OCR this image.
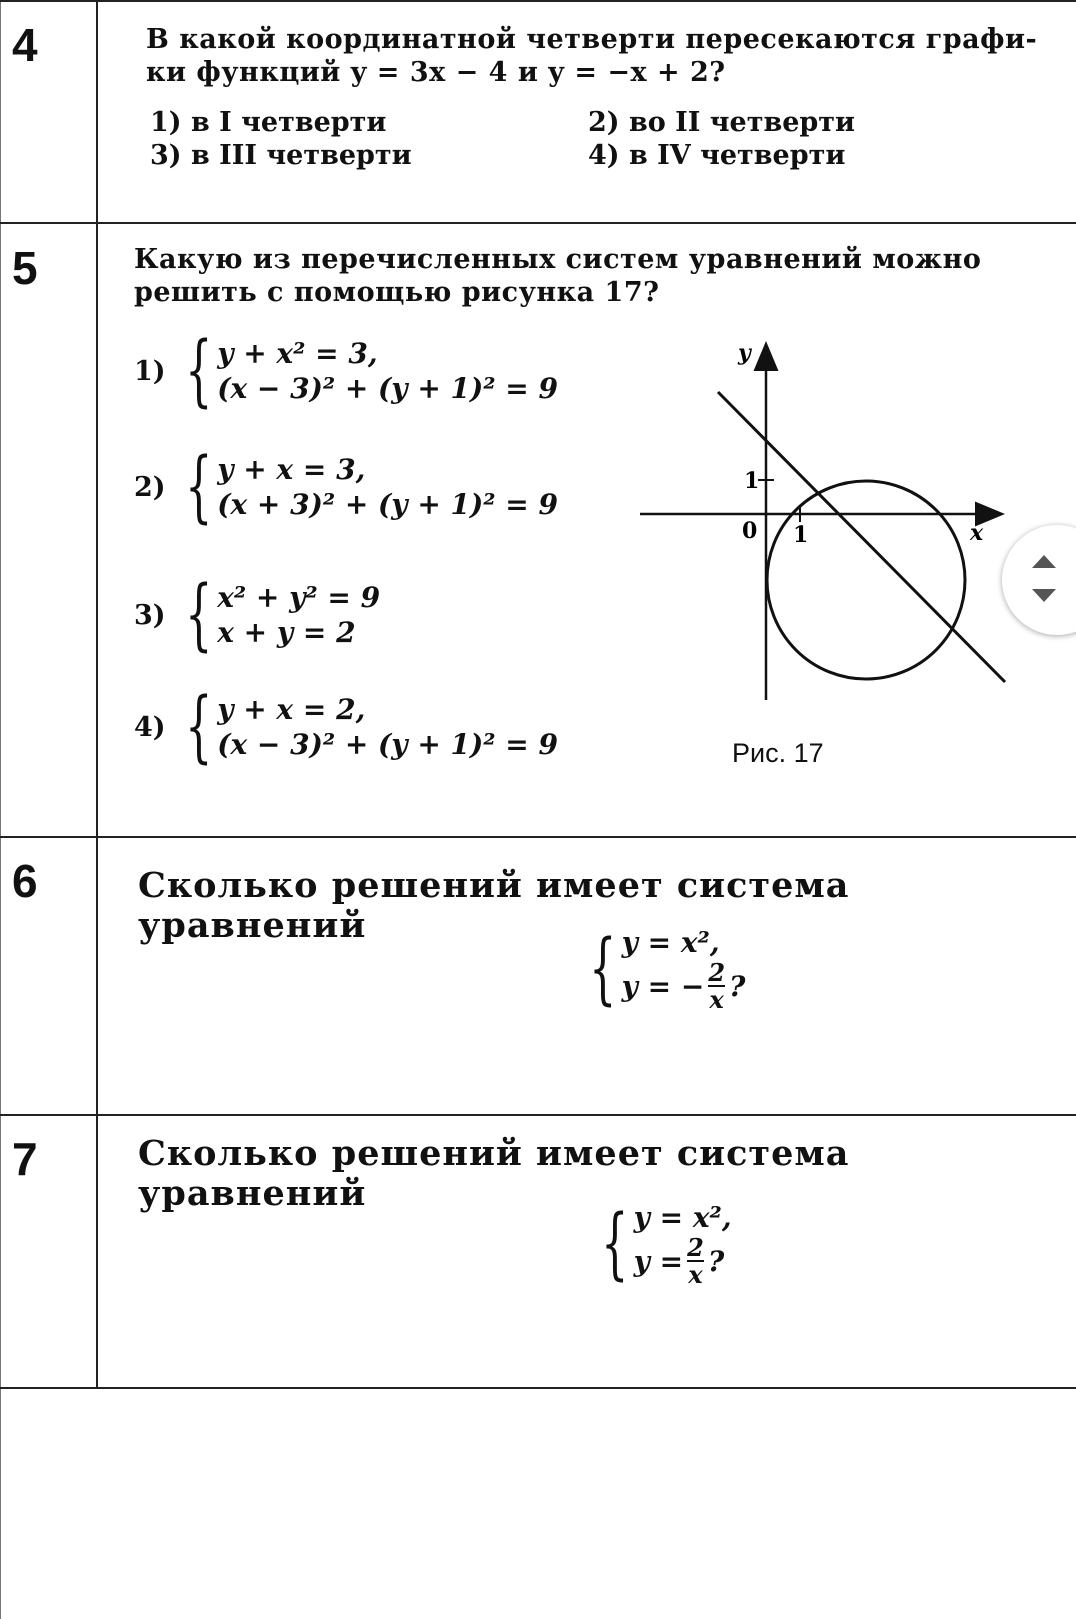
4	В какой координатной четверти пересекаются графи-
ки функций y = 3x − 4 и y = −x + 2?
1) в I четверти	2) во II четверти
3) в III четверти	4) в IV четверти
5	Какую из перечисленных систем уравнений можно
решить с помощью рисунка 17?
1) { y + x² = 3,
(x − 3)² + (y + 1)² = 9
2) { y + x = 3,
(x + 3)² + (y + 1)² = 9
3) { x² + y² = 9
x + y = 2
4) { y + x = 2,
(x − 3)² + (y + 1)² = 9
y
x
0 1
1
Рис. 17
6	Сколько решений имеет система уравнений	{ y = x²,
y = − $\frac{2}{x}$ ?
7	Сколько решений имеет система уравнений
{ y = x²,
$y = \frac{2}{x}$ ?
